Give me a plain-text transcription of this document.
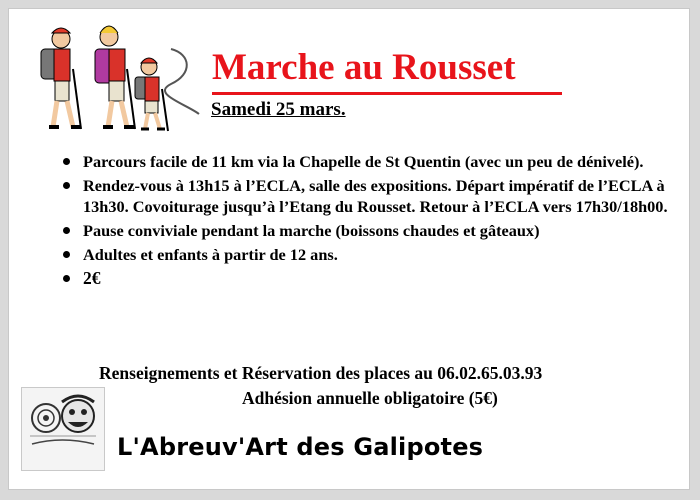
Marche au Rousset
Samedi 25 mars.
Parcours facile de 11 km via la Chapelle de St Quentin (avec un peu de dénivelé).
Rendez-vous à 13h15 à l’ECLA, salle des expositions. Départ impératif de l’ECLA à 13h30. Covoiturage jusqu’à l’Etang du Rousset. Retour à l’ECLA vers 17h30/18h00.
Pause conviviale pendant la marche (boissons chaudes et gâteaux)
Adultes et enfants à partir de 12 ans.
2€
Renseignements et Réservation des places au 06.02.65.03.93
Adhésion annuelle obligatoire (5€)
L'Abreuv'Art des Galipotes
